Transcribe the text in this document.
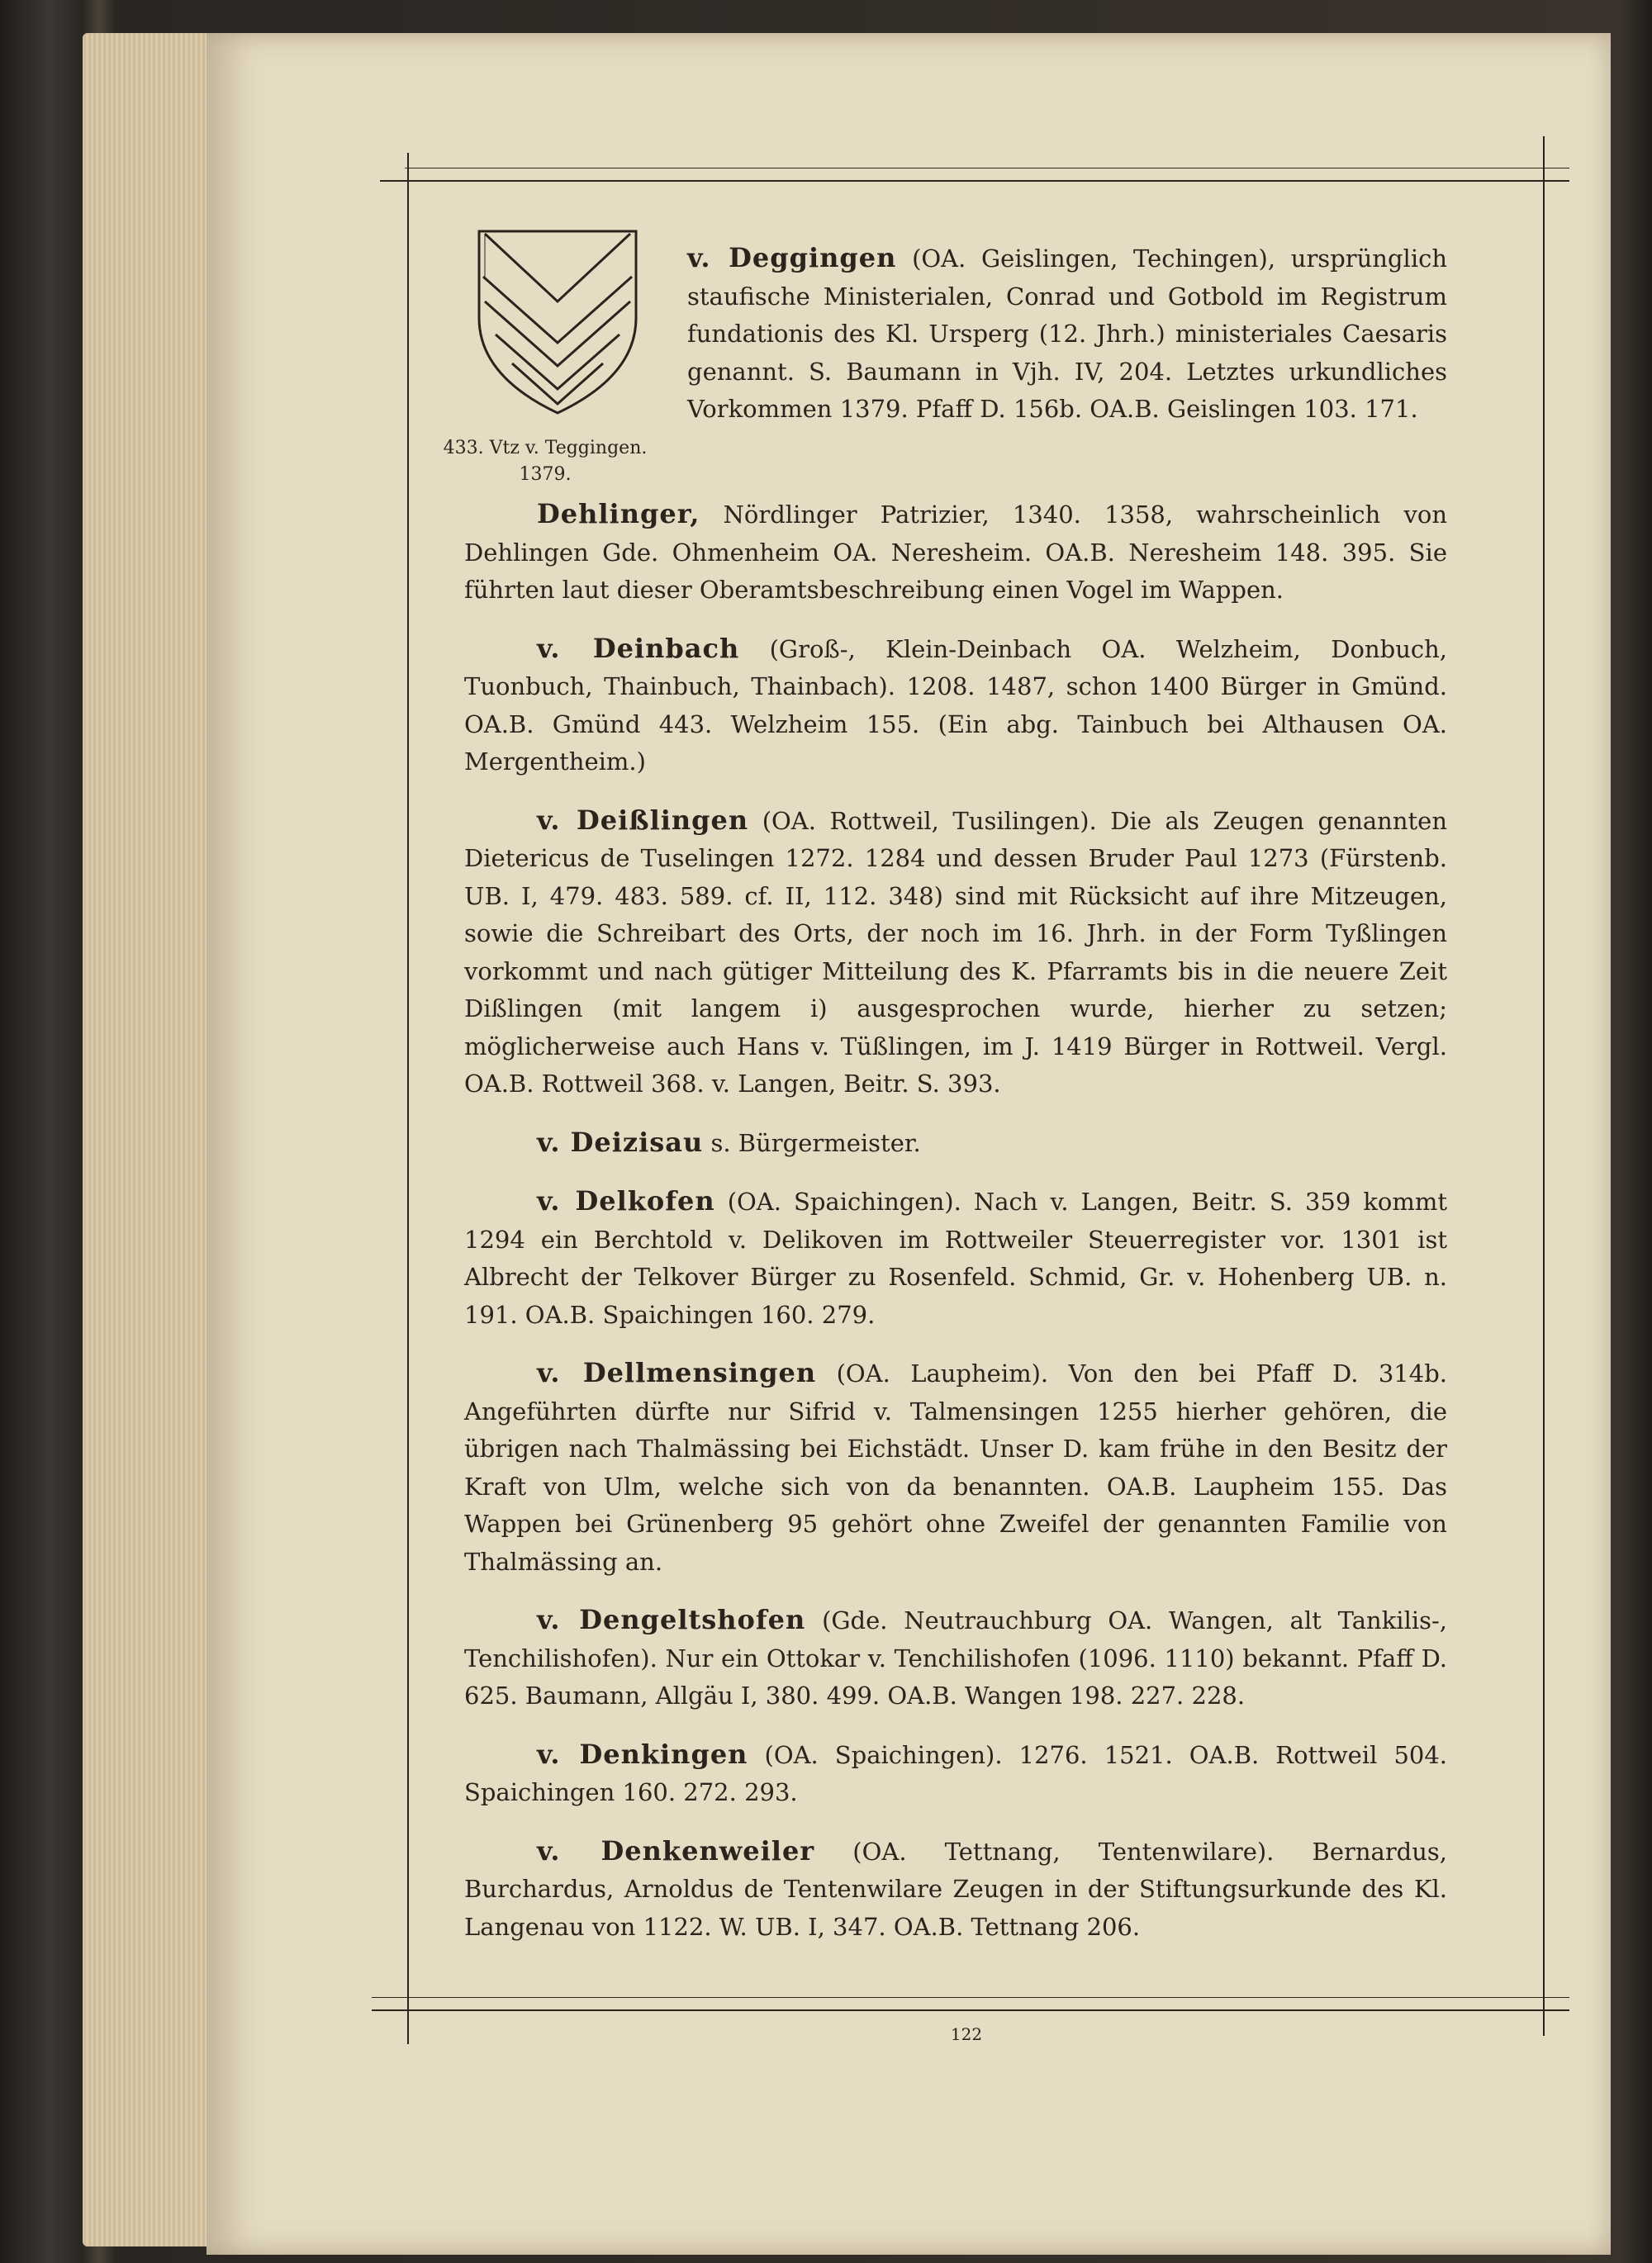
433. Vtz v. Teggingen.
1379.
v. Deggingen (OA. Geislingen, Techingen), ursprünglich staufische Ministerialen, Conrad und Gotbold im Registrum fundationis des Kl. Ursperg (12. Jhrh.) ministeriales Caesaris genannt. S. Baumann in Vjh. IV, 204. Letztes urkundliches Vorkommen 1379. Pfaff D. 156b. OA.B. Geislingen 103. 171.

Dehlinger, Nördlinger Patrizier, 1340. 1358, wahrscheinlich von Dehlingen Gde. Ohmenheim OA. Neresheim. OA.B. Neresheim 148. 395. Sie führten laut dieser Oberamtsbeschreibung einen Vogel im Wappen.

v. Deinbach (Groß-, Klein-Deinbach OA. Welzheim, Donbuch, Tuonbuch, Thainbuch, Thainbach). 1208. 1487, schon 1400 Bürger in Gmünd. OA.B. Gmünd 443. Welzheim 155. (Ein abg. Tainbuch bei Althausen OA. Mergentheim.)

v. Deißlingen (OA. Rottweil, Tusilingen). Die als Zeugen genannten Dietericus de Tuselingen 1272. 1284 und dessen Bruder Paul 1273 (Fürstenb. UB. I, 479. 483. 589. cf. II, 112. 348) sind mit Rücksicht auf ihre Mitzeugen, sowie die Schreibart des Orts, der noch im 16. Jhrh. in der Form Tyßlingen vorkommt und nach gütiger Mitteilung des K. Pfarramts bis in die neuere Zeit Dißlingen (mit langem i) ausgesprochen wurde, hierher zu setzen; möglicherweise auch Hans v. Tüßlingen, im J. 1419 Bürger in Rottweil. Vergl. OA.B. Rottweil 368. v. Langen, Beitr. S. 393.

v. Deizisau s. Bürgermeister.

v. Delkofen (OA. Spaichingen). Nach v. Langen, Beitr. S. 359 kommt 1294 ein Berchtold v. Delikoven im Rottweiler Steuerregister vor. 1301 ist Albrecht der Telkover Bürger zu Rosenfeld. Schmid, Gr. v. Hohenberg UB. n. 191. OA.B. Spaichingen 160. 279.

v. Dellmensingen (OA. Laupheim). Von den bei Pfaff D. 314b. Angeführten dürfte nur Sifrid v. Talmensingen 1255 hierher gehören, die übrigen nach Thalmässing bei Eichstädt. Unser D. kam frühe in den Besitz der Kraft von Ulm, welche sich von da benannten. OA.B. Laupheim 155. Das Wappen bei Grünenberg 95 gehört ohne Zweifel der genannten Familie von Thalmässing an.

v. Dengeltshofen (Gde. Neutrauchburg OA. Wangen, alt Tankilis-, Tenchilishofen). Nur ein Ottokar v. Tenchilishofen (1096. 1110) bekannt. Pfaff D. 625. Baumann, Allgäu I, 380. 499. OA.B. Wangen 198. 227. 228.

v. Denkingen (OA. Spaichingen). 1276. 1521. OA.B. Rottweil 504. Spaichingen 160. 272. 293.

v. Denkenweiler (OA. Tettnang, Tentenwilare). Bernardus, Burchardus, Arnoldus de Tentenwilare Zeugen in der Stiftungsurkunde des Kl. Langenau von 1122. W. UB. I, 347. OA.B. Tettnang 206.

122
